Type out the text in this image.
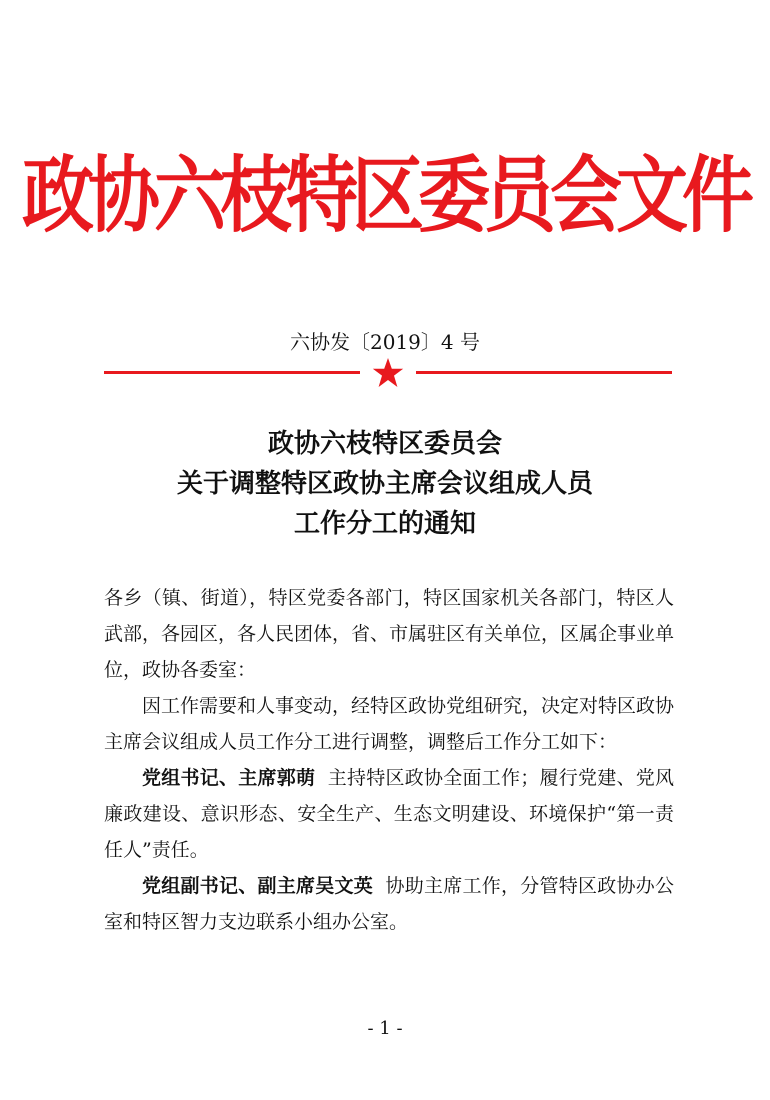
政协六枝特区委员会文件
六协发〔2019〕4 号
政协六枝特区委员会
关于调整特区政协主席会议组成人员
工作分工的通知

各乡（镇、街道），特区党委各部门，特区国家机关各部门，特区人武部，各园区，各人民团体，省、市属驻区有关单位，区属企事业单位，政协各委室：

因工作需要和人事变动，经特区政协党组研究，决定对特区政协主席会议组成人员工作分工进行调整，调整后工作分工如下：

党组书记、主席郭萌 主持特区政协全面工作；履行党建、党风廉政建设、意识形态、安全生产、生态文明建设、环境保护“第一责任人”责任。

党组副书记、副主席吴文英 协助主席工作，分管特区政协办公室和特区智力支边联系小组办公室。

- 1 -
